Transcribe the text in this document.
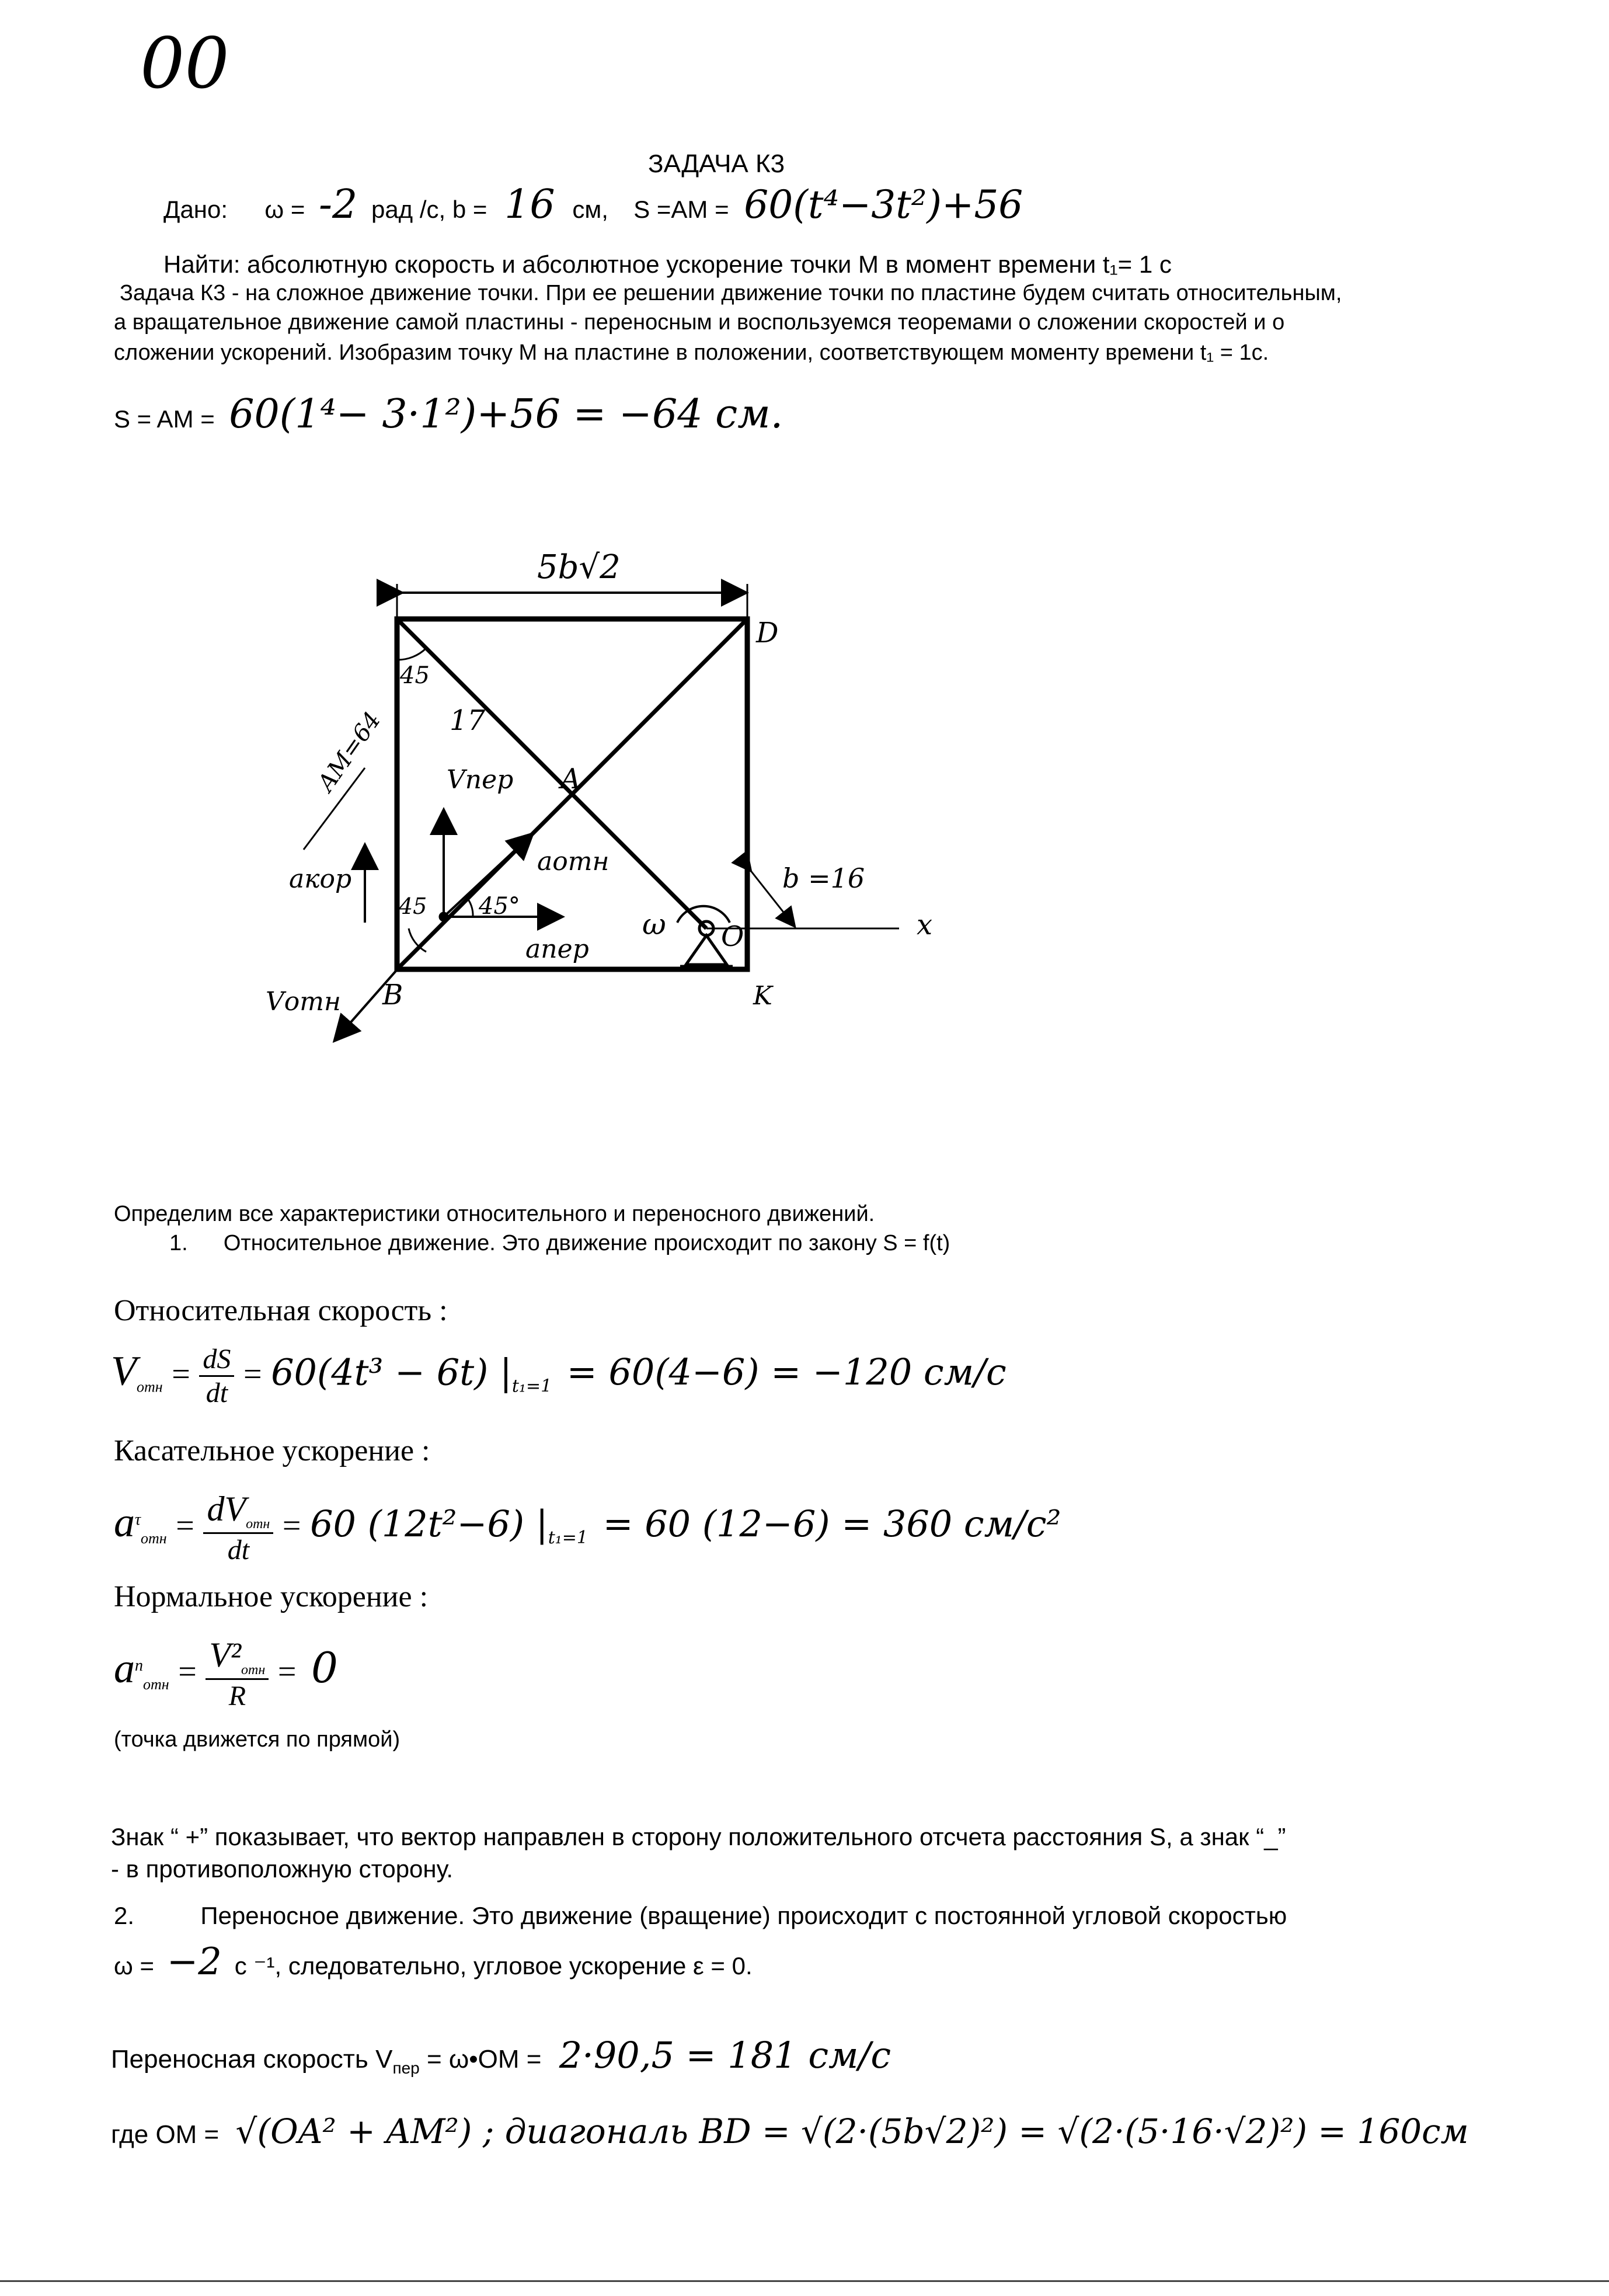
00
ЗАДАЧА К3
Дано: ω = -2 рад /с, b = 16 см, S =AM = 60(t⁴−3t²)+56
Найти: абсолютную скорость и абсолютное ускорение точки M в момент времени t₁= 1 с
Задача К3 - на сложное движение точки. При ее решении движение точки по пластине будем считать относительным,
а вращательное движение самой пластины - переносным и воспользуемся теоремами о сложении скоростей и о
сложении ускорений. Изобразим точку M на пластине в положении, соответствующем моменту времени t₁ = 1с.
S = AM = 60(1⁴− 3·1²)+56 = −64 см.
5b√2
D
A
B	K
O	x
45
45 45°
AM=64 17
b =16
Vпер
акор
Vотн
аотн
апер
ω
Определим все характеристики относительного и переносного движений.
1. Относительное движение. Это движение происходит по закону S = f(t)
Относительная скорость :
$V_{отн} = \frac{dS}{dt} = 60(4t^3 - 6t) |_{t_1=1} = 60(4-6) = -120$ см/с
Касательное ускорение :
$a^\tau_{отн} = \frac{dV_{отн}}{dt} = 60$ (12t²−6) $|_{t_1=1} = 60$ (12−6) = 360 см/с²
Нормальное ускорение :
$a^n_{отн} = \frac{V^2_{отн}}{R} = 0$
(точка движется по прямой)
Знак “ +” показывает, что вектор направлен в сторону положительного отсчета расстояния S, а знак “_”
- в противоположную сторону.
2.	Переносное движение. Это движение (вращение) происходит с постоянной угловой скоростью
ω = −2 c ⁻¹, следовательно, угловое ускорение ε = 0.
Переносная скорость $V_{пер}$ = ω•OM = 2·90,5 = 181 см/с
где OM = √(OA² + AM²) ; диагональ BD = √(2·(5b√2)²) = √(2·(5·16·√2)²) = 160см
